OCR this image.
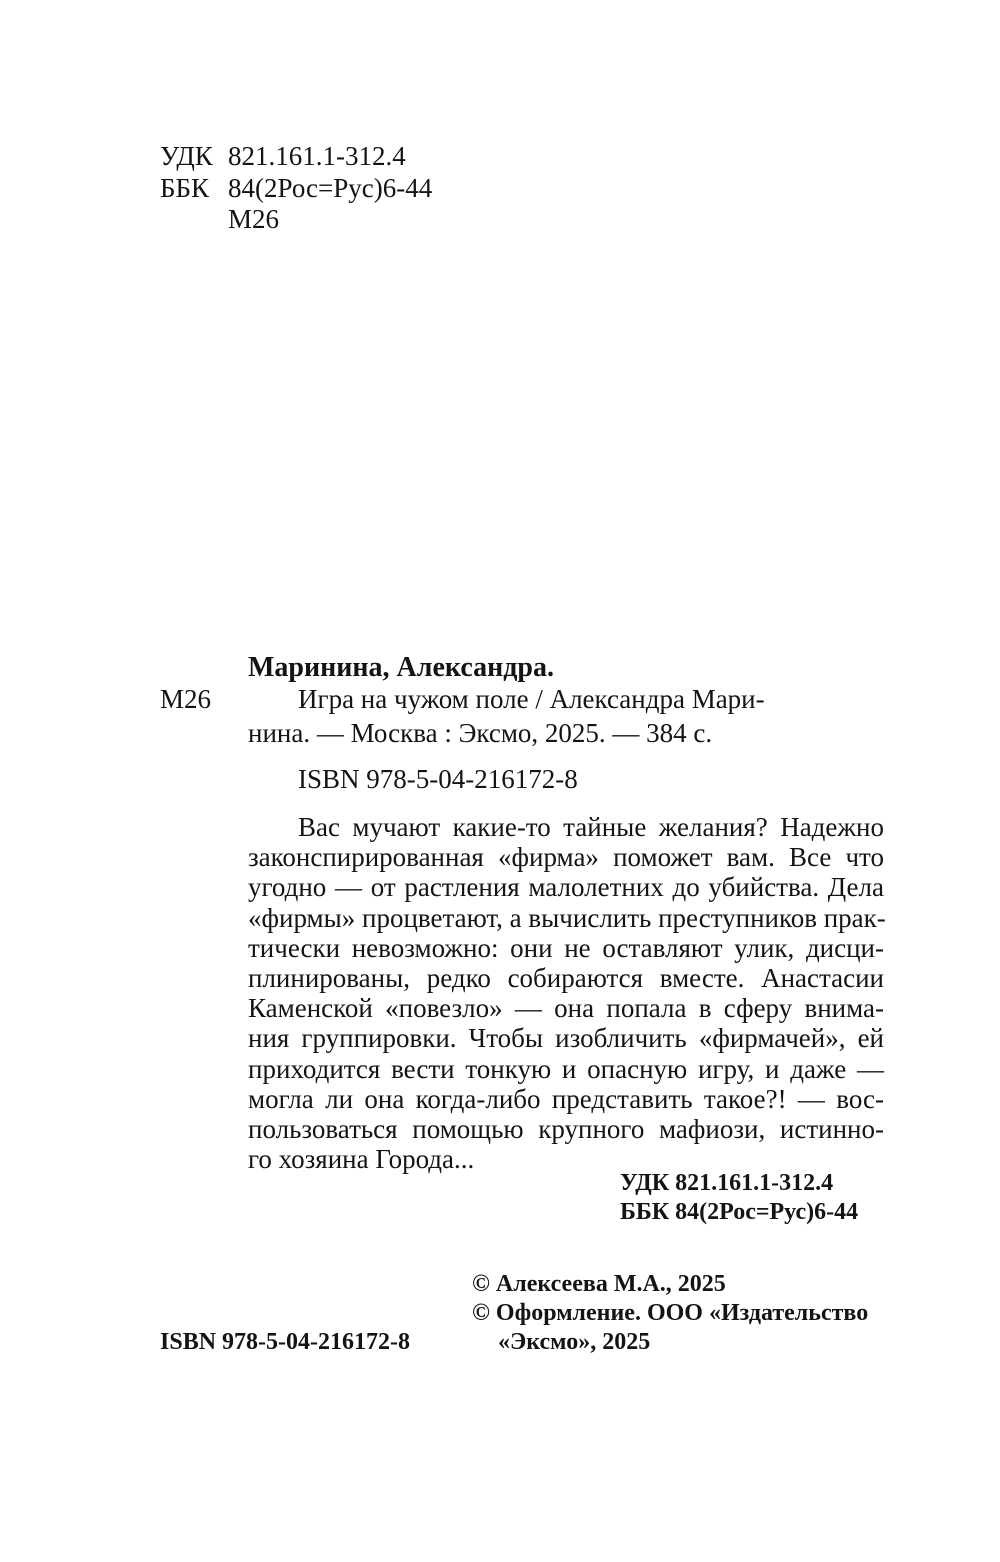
УДК 821.161.1-312.4
ББК 84(2Рос=Рус)6-44
М26
Маринина, Александра.
М26	Игра на чужом поле / Александра Мари-
нина. — Москва : Эксмо, 2025. — 384 с.
ISBN 978-5-04-216172-8
Вас мучают какие-то тайные желания? Надежно
законспирированная «фирма» поможет вам. Все что
угодно — от растления малолетних до убийства. Дела
«фирмы» процветают, а вычислить преступников прак-
тически невозможно: они не оставляют улик, дисци-
плинированы, редко собираются вместе. Анастасии
Каменской «повезло» — она попала в сферу внима-
ния группировки. Чтобы изобличить «фирмачей», ей
приходится вести тонкую и опасную игру, и даже —
могла ли она когда-либо представить такое?! — вос-
пользоваться помощью крупного мафиози, истинно-
го хозяина Города...
УДК 821.161.1-312.4
ББК 84(2Рос=Рус)6-44
© Алексеева М.А., 2025
© Оформление. ООО «Издательство
«Эксмо», 2025
ISBN 978-5-04-216172-8
